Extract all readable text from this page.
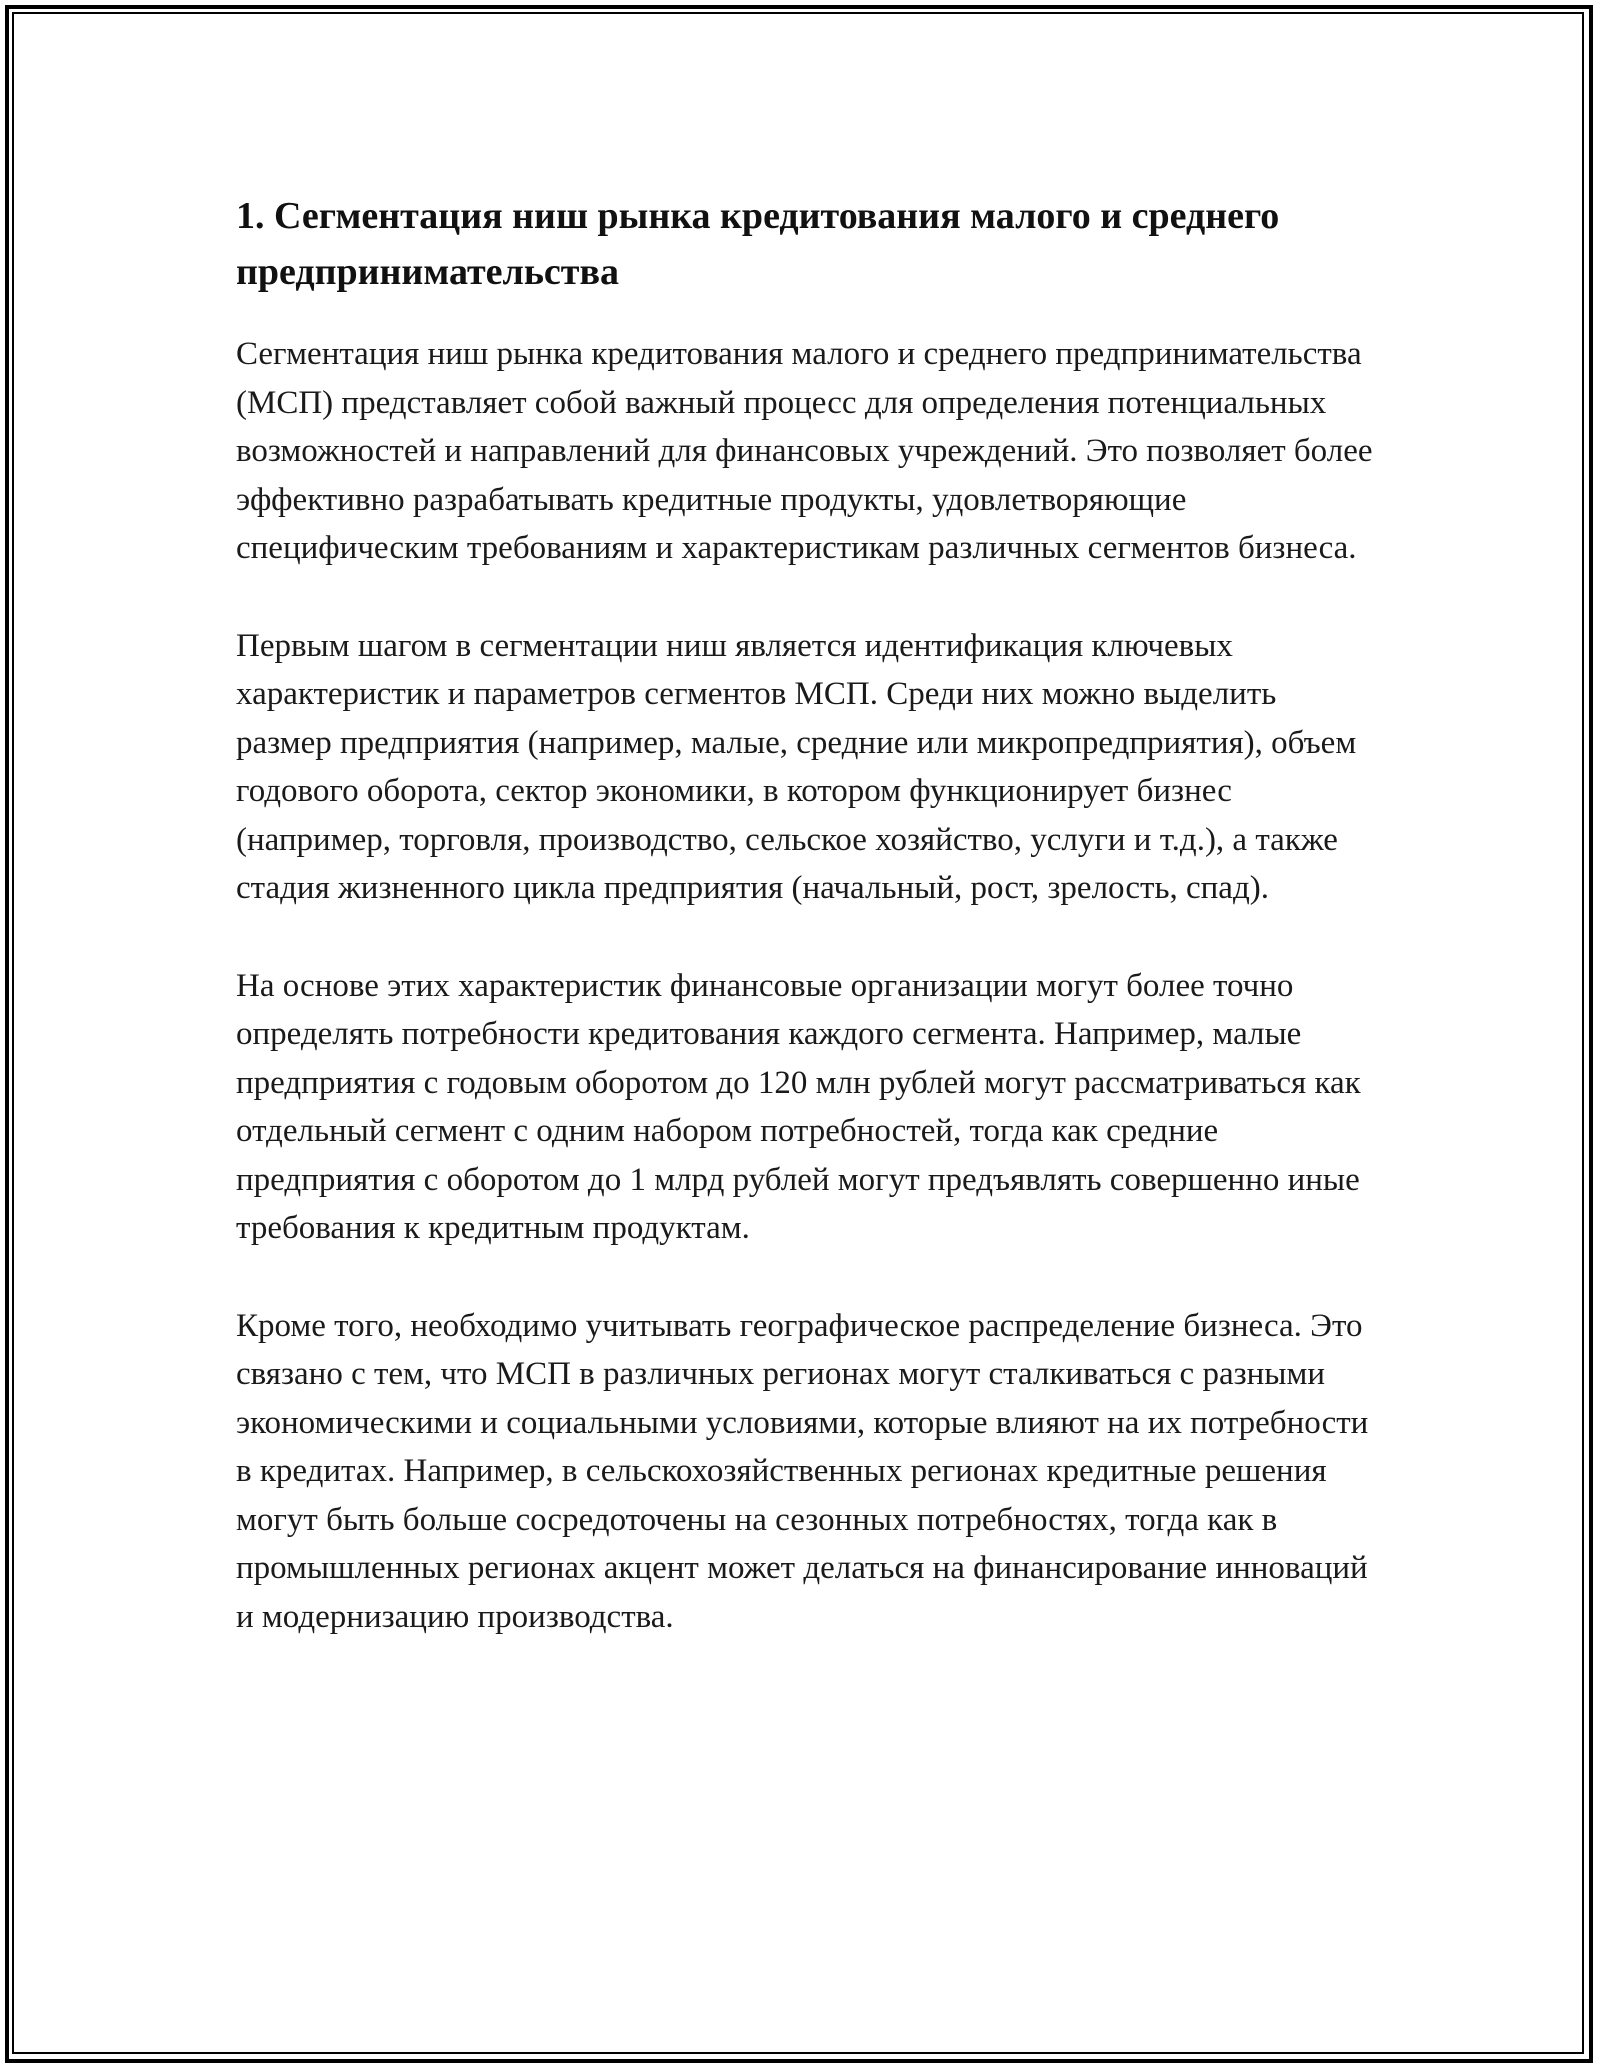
1. Сегментация ниш рынка кредитования малого и среднего предпринимательства

Сегментация ниш рынка кредитования малого и среднего предпринимательства (МСП) представляет собой важный процесс для определения потенциальных возможностей и направлений для финансовых учреждений. Это позволяет более эффективно разрабатывать кредитные продукты, удовлетворяющие специфическим требованиям и характеристикам различных сегментов бизнеса.

Первым шагом в сегментации ниш является идентификация ключевых характеристик и параметров сегментов МСП. Среди них можно выделить размер предприятия (например, малые, средние или микропредприятия), объем годового оборота, сектор экономики, в котором функционирует бизнес (например, торговля, производство, сельское хозяйство, услуги и т.д.), а также стадия жизненного цикла предприятия (начальный, рост, зрелость, спад).

На основе этих характеристик финансовые организации могут более точно определять потребности кредитования каждого сегмента. Например, малые предприятия с годовым оборотом до 120 млн рублей могут рассматриваться как отдельный сегмент с одним набором потребностей, тогда как средние предприятия с оборотом до 1 млрд рублей могут предъявлять совершенно иные требования к кредитным продуктам.

Кроме того, необходимо учитывать географическое распределение бизнеса. Это связано с тем, что МСП в различных регионах могут сталкиваться с разными экономическими и социальными условиями, которые влияют на их потребности в кредитах. Например, в сельскохозяйственных регионах кредитные решения могут быть больше сосредоточены на сезонных потребностях, тогда как в промышленных регионах акцент может делаться на финансирование инноваций и модернизацию производства.
